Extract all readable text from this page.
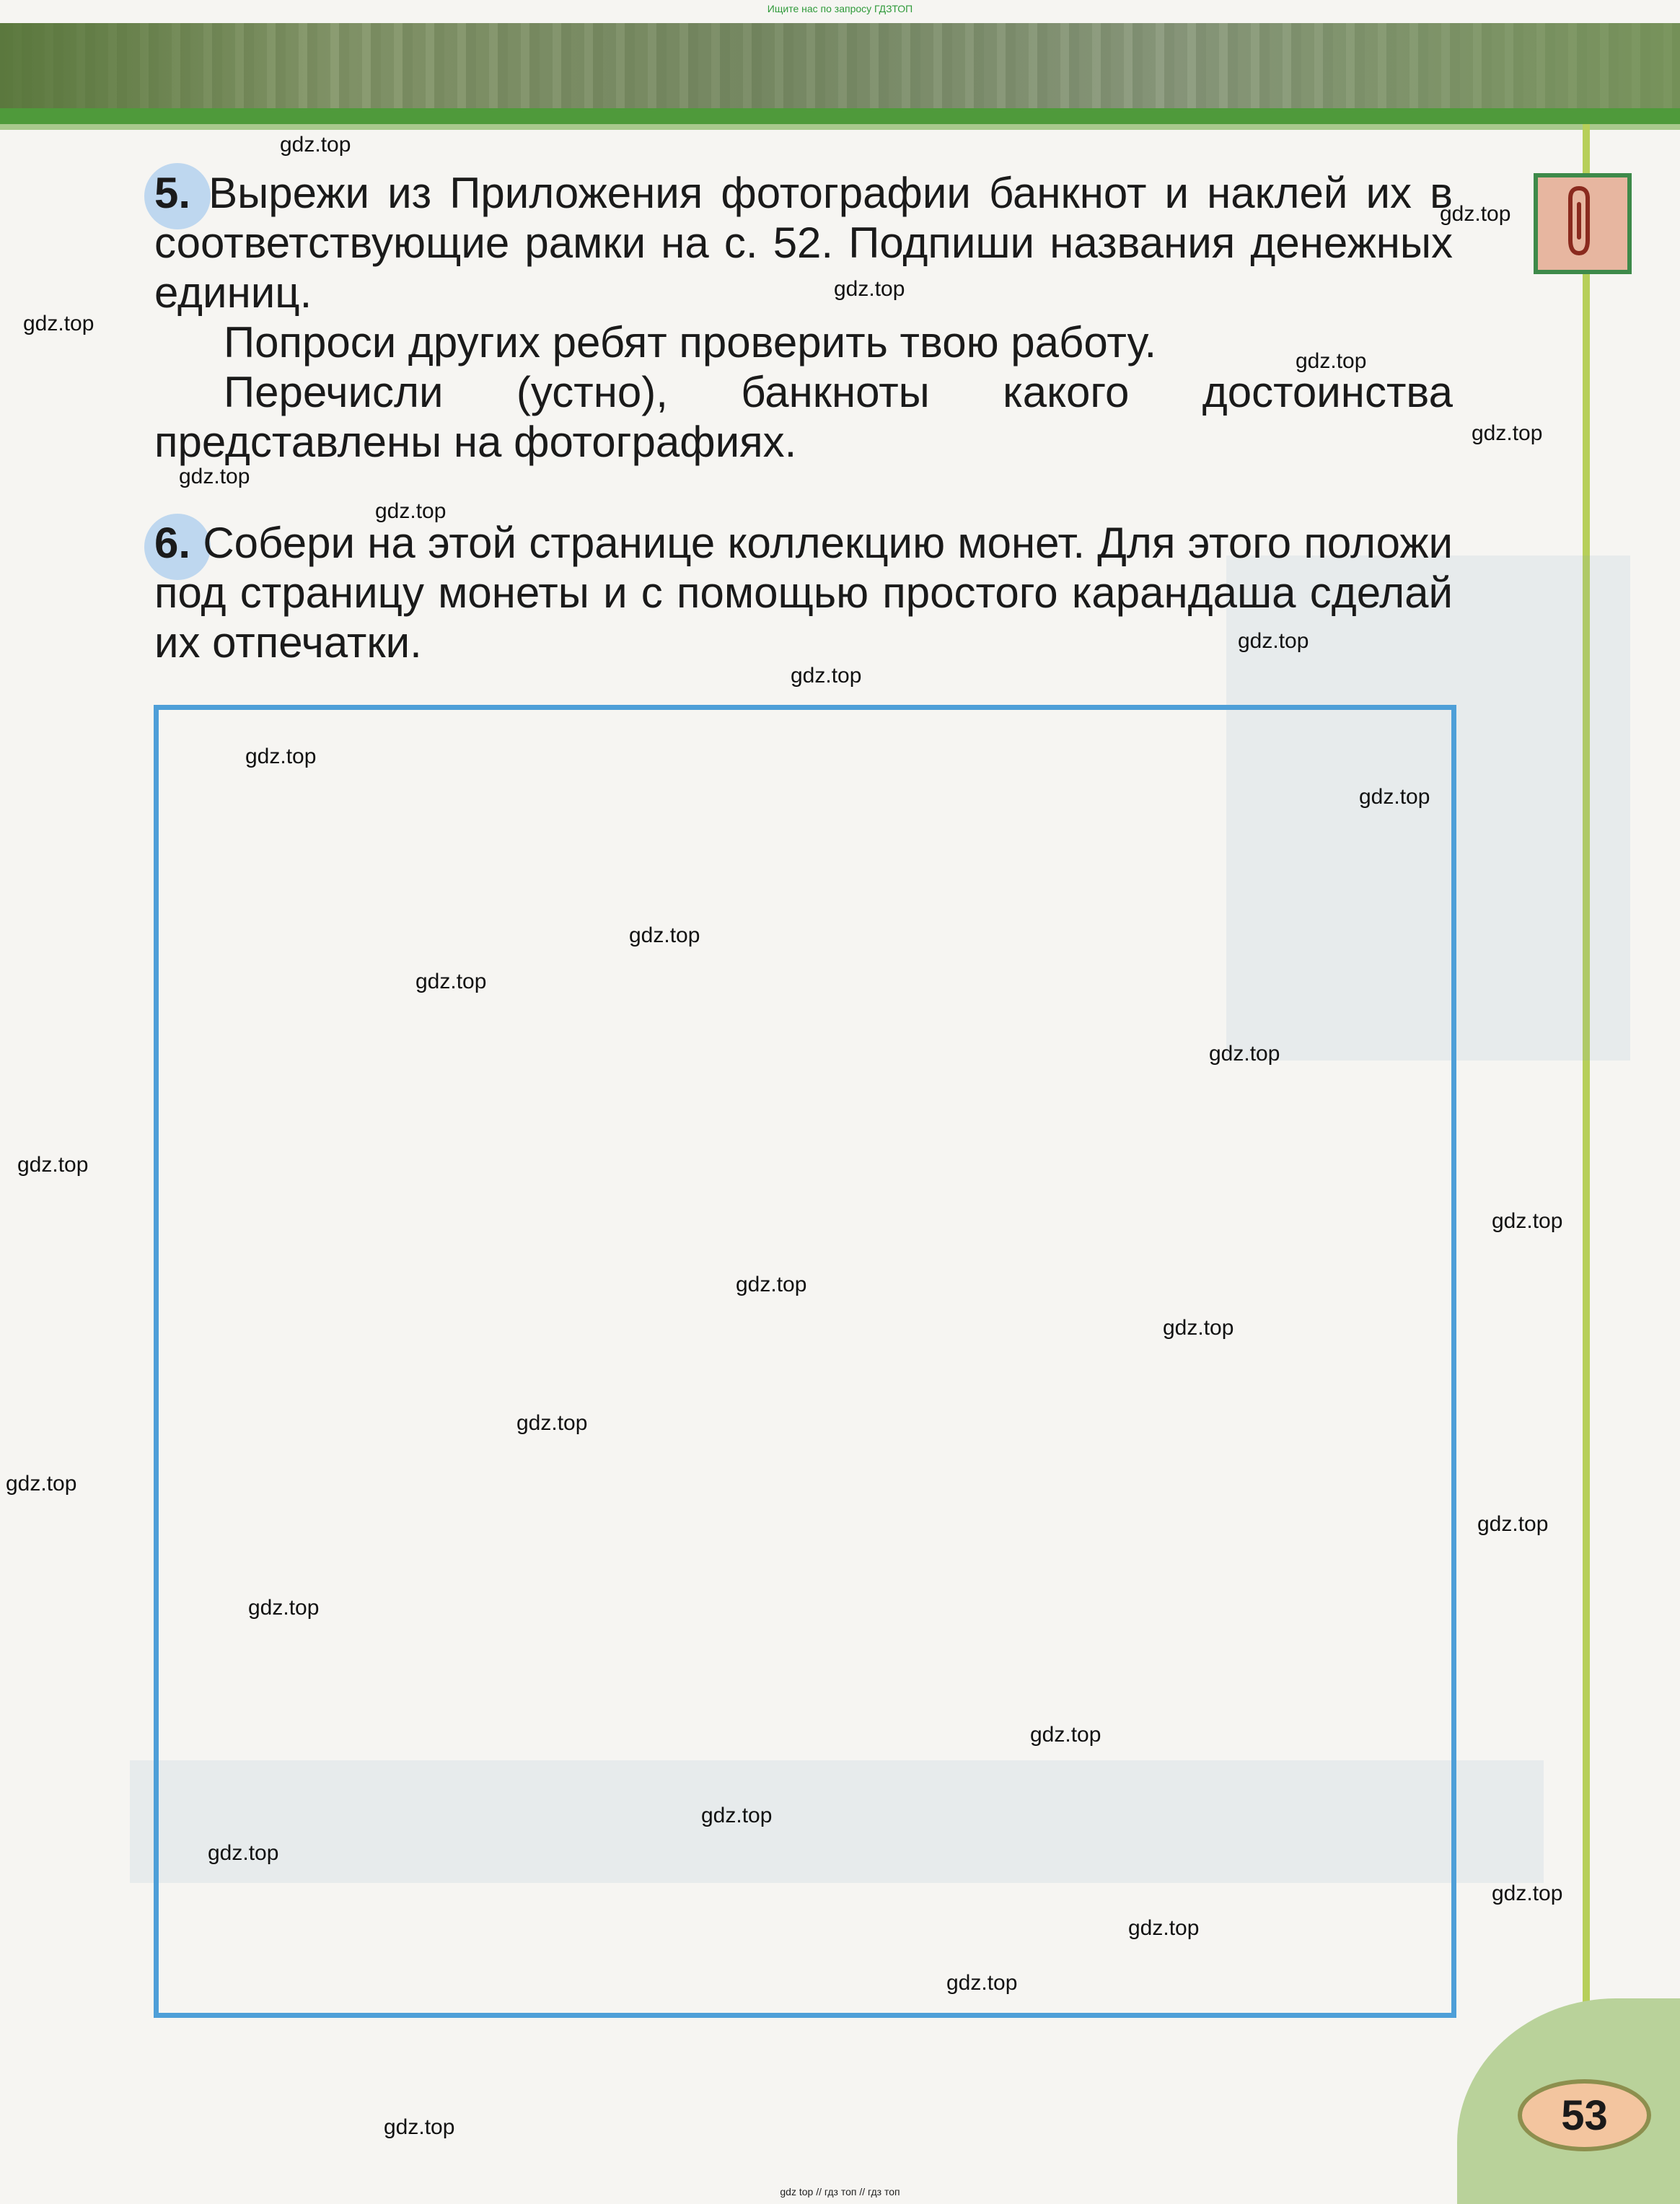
Ищите нас по запросу ГДЗТОП

5. Вырежи из Приложения фотографии банкнот и наклей их в соответствующие рамки на с. 52. Подпиши названия денежных единиц.

Попроси других ребят проверить твою работу.

Перечисли (устно), банкноты какого достоинства представлены на фотографиях.

6. Собери на этой странице коллекцию монет. Для этого положи под страницу монеты и с помощью простого карандаша сделай их отпечатки.

gdz.top
gdz.top
gdz.top
gdz.top
gdz.top
gdz.top
gdz.top
gdz.top
gdz.top
gdz.top
gdz.top
gdz.top
gdz.top
gdz.top
gdz.top
gdz.top
gdz.top
gdz.top
gdz.top
gdz.top
gdz.top
gdz.top
gdz.top
gdz.top
gdz.top
gdz.top
gdz.top
gdz.top
gdz.top
gdz.top	53
gdz top // гдз топ // гдз топ
